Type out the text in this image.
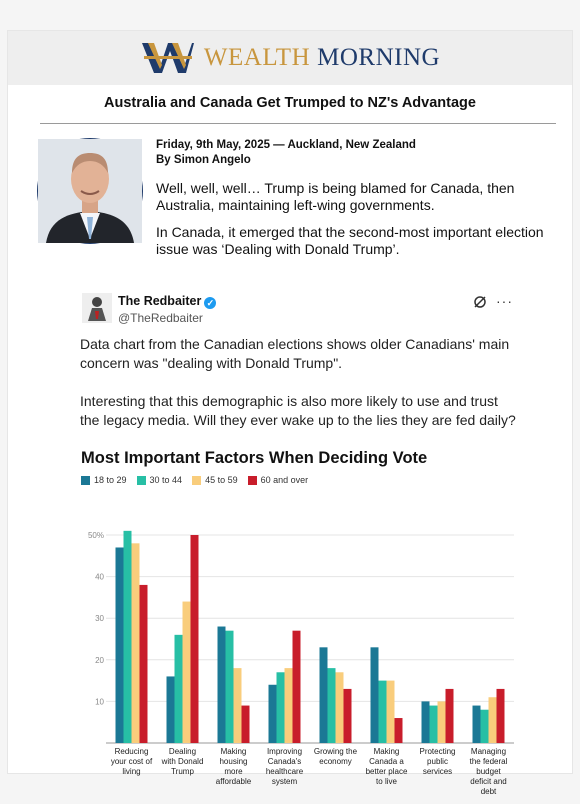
WEALTH MORNING
Australia and Canada Get Trumped to NZ's Advantage
Friday, 9th May, 2025 — Auckland, New Zealand
By Simon Angelo

Well, well, well… Trump is being blamed for Canada, then Australia, maintaining left-wing governments.

In Canada, it emerged that the second-most important election issue was ‘Dealing with Donald Trump’.

The Redbaiter ✓
@TheRedbaiter
···

Data chart from the Canadian elections shows older Canadians' main concern was "dealing with Donald Trump".

Interesting that this demographic is also more likely to use and trust the legacy media. Will they ever wake up to the lies they are fed daily?

Most Important Factors When Deciding Vote
18 to 29	30 to 44	45 to 59	60 and over
10
20
30
40
50%
Reducing
your cost of
living
Dealing
with Donald
Trump
Making
housing
more
affordable
Improving
Canada's
healthcare
system
Growing the
economy
Making
Canada a
better place
to live
Protecting
public
services
Managing
the federal
budget
deficit and
debt
